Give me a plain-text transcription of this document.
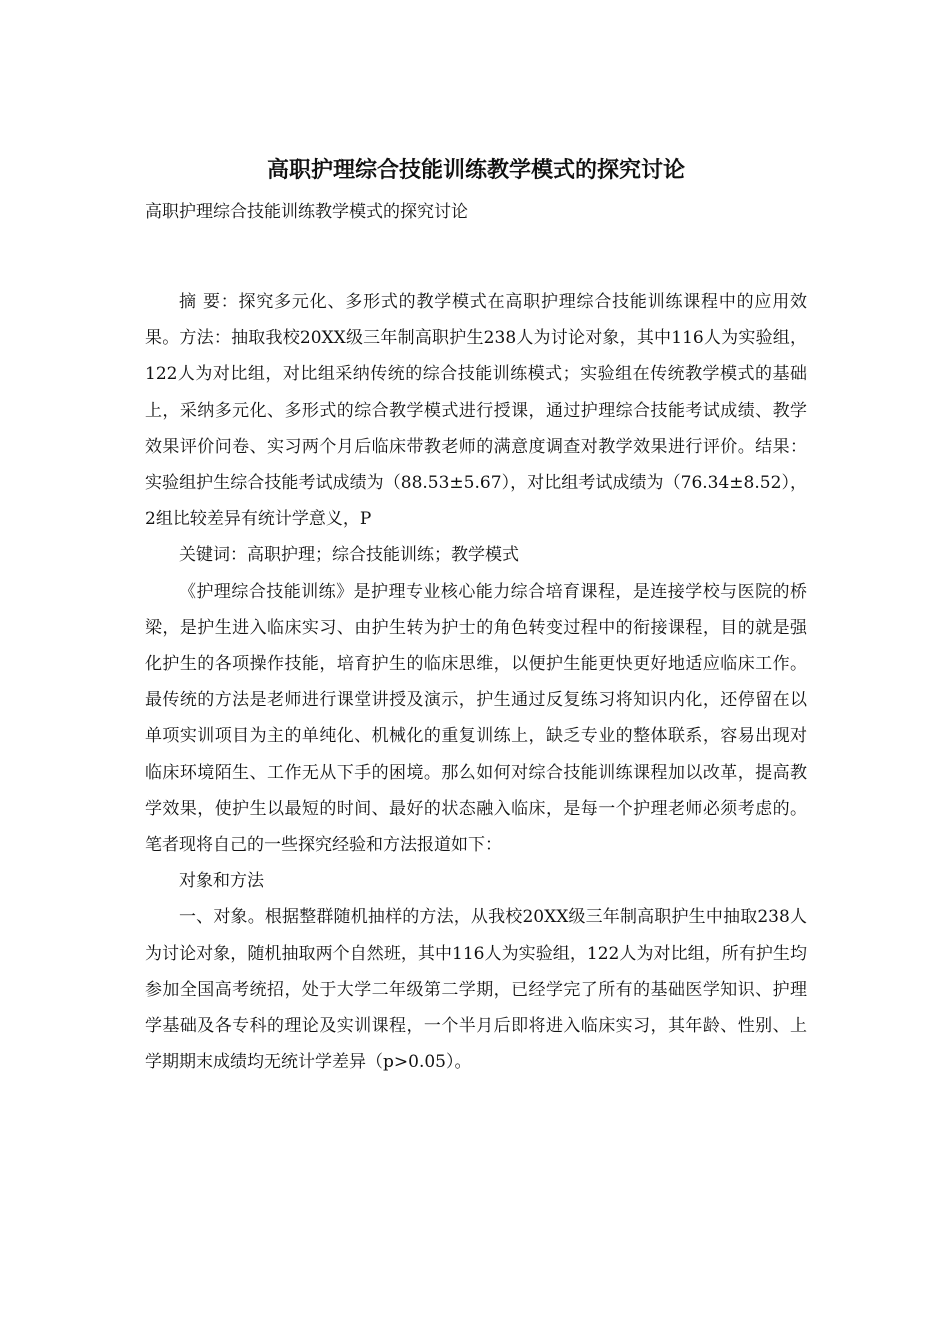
高职护理综合技能训练教学模式的探究讨论

高职护理综合技能训练教学模式的探究讨论

摘 要：探究多元化、多形式的教学模式在高职护理综合技能训练课程中的应用效果。方法：抽取我校20XX级三年制高职护生238人为讨论对象，其中116人为实验组，122人为对比组，对比组采纳传统的综合技能训练模式；实验组在传统教学模式的基础上，采纳多元化、多形式的综合教学模式进行授课，通过护理综合技能考试成绩、教学效果评价问卷、实习两个月后临床带教老师的满意度调查对教学效果进行评价。结果：实验组护生综合技能考试成绩为（88.53±5.67），对比组考试成绩为（76.34±8.52），2组比较差异有统计学意义，P

关键词：高职护理；综合技能训练；教学模式

《护理综合技能训练》是护理专业核心能力综合培育课程，是连接学校与医院的桥梁，是护生进入临床实习、由护生转为护士的角色转变过程中的衔接课程，目的就是强化护生的各项操作技能，培育护生的临床思维，以便护生能更快更好地适应临床工作。最传统的方法是老师进行课堂讲授及演示，护生通过反复练习将知识内化，还停留在以单项实训项目为主的单纯化、机械化的重复训练上，缺乏专业的整体联系，容易出现对临床环境陌生、工作无从下手的困境。那么如何对综合技能训练课程加以改革，提高教学效果，使护生以最短的时间、最好的状态融入临床，是每一个护理老师必须考虑的。笔者现将自己的一些探究经验和方法报道如下：

对象和方法

一、对象。根据整群随机抽样的方法，从我校20XX级三年制高职护生中抽取238人为讨论对象，随机抽取两个自然班，其中116人为实验组，122人为对比组，所有护生均参加全国高考统招，处于大学二年级第二学期，已经学完了所有的基础医学知识、护理学基础及各专科的理论及实训课程，一个半月后即将进入临床实习，其年龄、性别、上学期期末成绩均无统计学差异（p>0.05）。
